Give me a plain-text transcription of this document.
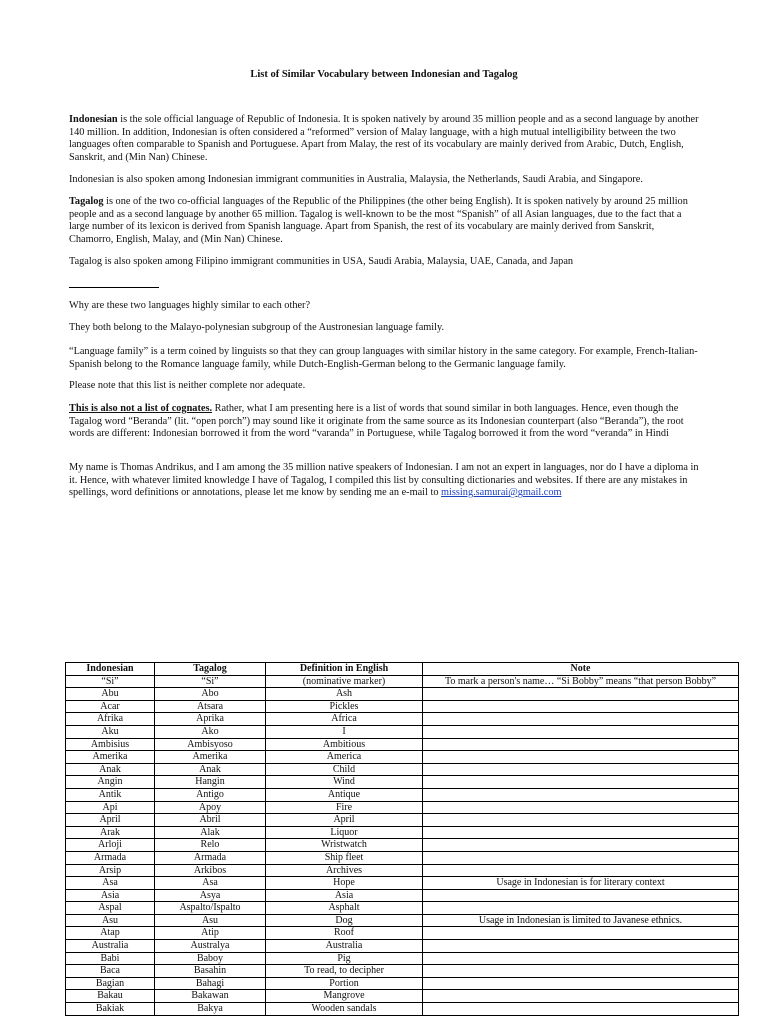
List of Similar Vocabulary between Indonesian and Tagalog

Indonesian is the sole official language of Republic of Indonesia. It is spoken natively by around 35 million people and as a second language by another 140 million. In addition, Indonesian is often considered a “reformed” version of Malay language, with a high mutual intelligibility between the two languages often comparable to Spanish and Portuguese. Apart from Malay, the rest of its vocabulary are mainly derived from Arabic, Dutch, English, Sanskrit, and (Min Nan) Chinese.

Indonesian is also spoken among Indonesian immigrant communities in Australia, Malaysia, the Netherlands, Saudi Arabia, and Singapore.

Tagalog is one of the two co-official languages of the Republic of the Philippines (the other being English). It is spoken natively by around 25 million people and as a second language by another 65 million. Tagalog is well-known to be the most “Spanish” of all Asian languages, due to the fact that a large number of its lexicon is derived from Spanish language. Apart from Spanish, the rest of its vocabulary are mainly derived from Sanskrit, Chamorro, English, Malay, and (Min Nan) Chinese.

Tagalog is also spoken among Filipino immigrant communities in USA, Saudi Arabia, Malaysia, UAE, Canada, and Japan
Why are these two languages highly similar to each other?
They both belong to the Malayo-polynesian subgroup of the Austronesian language family.
“Language family” is a term coined by linguists so that they can group languages with similar history in the same category. For example, French-Italian-Spanish belong to the Romance language family, while Dutch-English-German belong to the Germanic language family.
Please note that this list is neither complete nor adequate.

This is also not a list of cognates. Rather, what I am presenting here is a list of words that sound similar in both languages. Hence, even though the Tagalog word “Beranda” (lit. “open porch”) may sound like it originate from the same source as its Indonesian counterpart (also “Beranda”), the root words are different: Indonesian borrowed it from the word “varanda” in Portuguese, while Tagalog borrowed it from the word “veranda” in Hindi

My name is Thomas Andrikus, and I am among the 35 million native speakers of Indonesian. I am not an expert in languages, nor do I have a diploma in it. Hence, with whatever limited knowledge I have of Tagalog, I compiled this list by consulting dictionaries and websites. If there are any mistakes in spellings, word definitions or annotations, please let me know by sending me an e-mail to missing.samurai@gmail.com

Indonesian	Tagalog	Definition in English	Note
“Si”	“Si”	(nominative marker)	To mark a person's name… “Si Bobby” means “that person Bobby”
Abu	Abo	Ash	
Acar	Atsara	Pickles	
Afrika	Aprika	Africa	
Aku	Ako	I	
Ambisius	Ambisyoso	Ambitious	
Amerika	Amerika	America	
Anak	Anak	Child	
Angin	Hangin	Wind	
Antik	Antigo	Antique	
Api	Apoy	Fire	
April	Abril	April	
Arak	Alak	Liquor	
Arloji	Relo	Wristwatch	
Armada	Armada	Ship fleet	
Arsip	Arkibos	Archives	
Asa	Asa	Hope	Usage in Indonesian is for literary context
Asia	Asya	Asia	
Aspal	Aspalto/Ispalto	Asphalt	
Asu	Asu	Dog	Usage in Indonesian is limited to Javanese ethnics.
Atap	Atip	Roof	
Australia	Australya	Australia	
Babi	Baboy	Pig	
Baca	Basahin	To read, to decipher	
Bagian	Bahagi	Portion	
Bakau	Bakawan	Mangrove	
Bakiak	Bakya	Wooden sandals	
